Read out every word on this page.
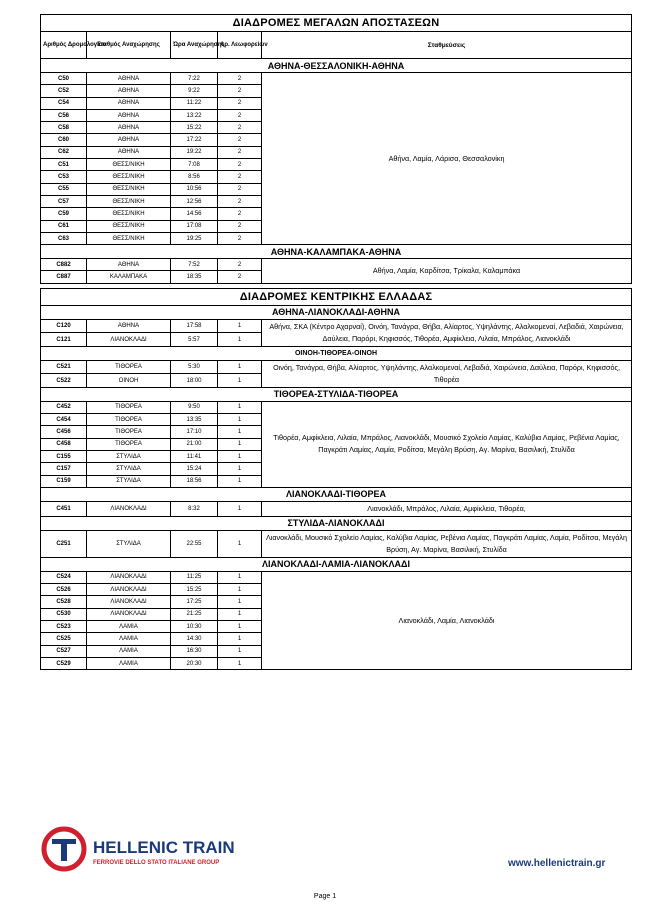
ΔΙΑΔΡΟΜΕΣ ΜΕΓΑΛΩΝ ΑΠΟΣΤΑΣΕΩΝ				
Αριθμός Δρομολογίου	Σταθμός Αναχώρησης	Ώρα Αναχώρησης	Αρ. Λεωφορείων	Σταθμεύσεις
ΑΘΗΝΑ-ΘΕΣΣΑΛΟΝΙΚΗ-ΑΘΗΝΑ				
C50	ΑΘΗΝΑ	7:22	2	Αθήνα, Λαμία, Λάρισα, Θεσσαλονίκη
C52	ΑΘΗΝΑ	9:22	2	
C54	ΑΘΗΝΑ	11:22	2	
C56	ΑΘΗΝΑ	13:22	2	
C58	ΑΘΗΝΑ	15:22	2	
C60	ΑΘΗΝΑ	17:22	2	
C62	ΑΘΗΝΑ	19:22	2	
C51	ΘΕΣΣ/ΝΙΚΗ	7:08	2	
C53	ΘΕΣΣ/ΝΙΚΗ	8:56	2	
C55	ΘΕΣΣ/ΝΙΚΗ	10:56	2	
C57	ΘΕΣΣ/ΝΙΚΗ	12:56	2	
C59	ΘΕΣΣ/ΝΙΚΗ	14:56	2	
C61	ΘΕΣΣ/ΝΙΚΗ	17:08	2	
C63	ΘΕΣΣ/ΝΙΚΗ	19:25	2	
ΑΘΗΝΑ-ΚΑΛΑΜΠΑΚΑ-ΑΘΗΝΑ				
C882	ΑΘΗΝΑ	7:52	2	Αθήνα, Λαμία, Καρδίτσα, Τρίκαλα, Καλαμπάκα
C887	ΚΑΛΑΜΠΑΚΑ	18:35	2	

ΔΙΑΔΡΟΜΕΣ ΚΕΝΤΡΙΚΗΣ ΕΛΛΑΔΑΣ				
ΑΘΗΝΑ-ΛΙΑΝΟΚΛΑΔΙ-ΑΘΗΝΑ				
C120	ΑΘΗΝΑ	17:58	1	Αθήνα, ΣΚΑ (Κέντρο Αχαρναί), Οινόη, Τανάγρα, Θήβα, Αλίαρτος, Υψηλάντης, Αλαλκομεναί, Λεβαδιά, Χαιρώνεια, Δαύλεια, Παρόρι, Κηφισσός, Τιθορέα, Αμφίκλεια, Λιλαία, Μπράλος, Λιανοκλάδι
C121	ΛΙΑΝΟΚΛΑΔΙ	5:57	1	
ΟΙΝΟΗ-ΤΙΘΟΡΕΑ-ΟΙΝΟΗ				
C521	ΤΙΘΟΡΕΑ	5:30	1	Οινόη, Τανάγρα, Θήβα, Αλίαρτος, Υψηλάντης, Αλαλκομεναί, Λεβαδιά, Χαιρώνεια, Δαύλεια, Παρόρι, Κηφισσός, Τιθορέα
C522	ΟΙΝΟΗ	18:00	1	
ΤΙΘΟΡΕΑ-ΣΤΥΛΙΔΑ-ΤΙΘΟΡΕΑ				
C452	ΤΙΘΟΡΕΑ	9:50	1	Τιθορέα, Αμφίκλεια, Λιλαία, Μπράλος, Λιανοκλάδι, Μουσικό Σχολείο Λαμίας, Καλύβια Λαμίας, Ρεβένια Λαμίας, Παγκράτι Λαμίας, Λαμία, Ροδίτσα, Μεγάλη Βρύση, Αγ. Μαρίνα, Βασιλική, Στυλίδα
C454	ΤΙΘΟΡΕΑ	13:35	1	
C456	ΤΙΘΟΡΕΑ	17:10	1	
C458	ΤΙΘΟΡΕΑ	21:00	1	
C155	ΣΤΥΛΙΔΑ	11:41	1	
C157	ΣΤΥΛΙΔΑ	15:24	1	
C159	ΣΤΥΛΙΔΑ	18:56	1	
ΛΙΑΝΟΚΛΑΔΙ-ΤΙΘΟΡΕΑ				
C451	ΛΙΑΝΟΚΛΑΔΙ	8:32	1	Λιανοκλάδι, Μπράλος, Λιλαία, Αμφίκλεια, Τιθορέα,
ΣΤΥΛΙΔΑ-ΛΙΑΝΟΚΛΑΔΙ				
C251	ΣΤΥΛΙΔΑ	22:55	1	Λιανοκλάδι, Μουσικό Σχολείο Λαμίας, Καλύβια Λαμίας, Ρεβένια Λαμίας, Παγκράτι Λαμίας, Λαμία, Ροδίτσα, Μεγάλη Βρύση, Αγ. Μαρίνα, Βασιλική, Στυλίδα
ΛΙΑΝΟΚΛΑΔΙ-ΛΑΜΙΑ-ΛΙΑΝΟΚΛΑΔΙ				
C524	ΛΙΑΝΟΚΛΑΔΙ	11:25	1	Λιανοκλάδι, Λαμία, Λιανοκλάδι
C526	ΛΙΑΝΟΚΛΑΔΙ	15:25	1	
C528	ΛΙΑΝΟΚΛΑΔΙ	17:25	1	
C530	ΛΙΑΝΟΚΛΑΔΙ	21:25	1	
C523	ΛΑΜΙΑ	10:30	1	
C525	ΛΑΜΙΑ	14:30	1	
C527	ΛΑΜΙΑ	16:30	1	
C529	ΛΑΜΙΑ	20:30	1	
HELLENIC TRAIN
FERROVIE DELLO STATO ITALIANE GROUP	www.hellenictrain.gr
Page 1
